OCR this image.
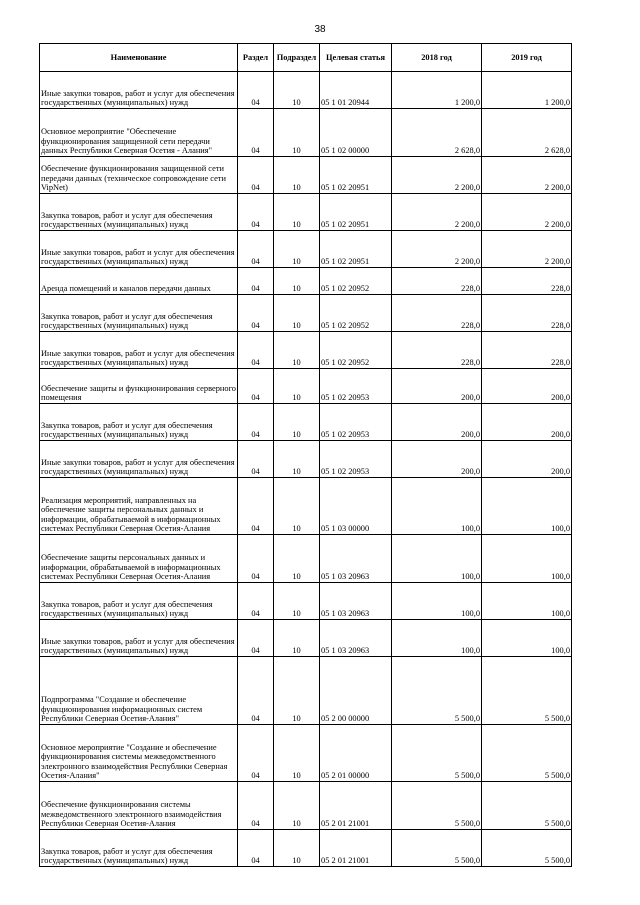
38
Наименование	Раздел	Подраздел	Целевая статья	2018 год	2019 год
Иные закупки товаров, работ и услуг для обеспечения государственных (муниципальных) нужд	04	10	05 1 01 20944	1 200,0	1 200,0
Основное мероприятие "Обеспечение функционирования защищенной сети передачи данных Республики Северная Осетия - Алания"	04	10	05 1 02 00000	2 628,0	2 628,0
Обеспечение функционирования защищенной сети передачи данных (техническое сопровождение сети VipNet)	04	10	05 1 02 20951	2 200,0	2 200,0
Закупка товаров, работ и услуг для обеспечения государственных (муниципальных) нужд	04	10	05 1 02 20951	2 200,0	2 200,0
Иные закупки товаров, работ и услуг для обеспечения государственных (муниципальных) нужд	04	10	05 1 02 20951	2 200,0	2 200,0
Аренда помещений и каналов передачи данных	04	10	05 1 02 20952	228,0	228,0
Закупка товаров, работ и услуг для обеспечения государственных (муниципальных) нужд	04	10	05 1 02 20952	228,0	228,0
Иные закупки товаров, работ и услуг для обеспечения государственных (муниципальных) нужд	04	10	05 1 02 20952	228,0	228,0
Обеспечение защиты и функционирования серверного помещения	04	10	05 1 02 20953	200,0	200,0
Закупка товаров, работ и услуг для обеспечения государственных (муниципальных) нужд	04	10	05 1 02 20953	200,0	200,0
Иные закупки товаров, работ и услуг для обеспечения государственных (муниципальных) нужд	04	10	05 1 02 20953	200,0	200,0
Реализация мероприятий, направленных на обеспечение защиты персональных данных и информации, обрабатываемой в информационных системах Республики Северная Осетия-Алания	04	10	05 1 03 00000	100,0	100,0
Обеспечение защиты персональных данных и информации, обрабатываемой в информационных системах Республики Северная Осетия-Алания	04	10	05 1 03 20963	100,0	100,0
Закупка товаров, работ и услуг для обеспечения государственных (муниципальных) нужд	04	10	05 1 03 20963	100,0	100,0
Иные закупки товаров, работ и услуг для обеспечения государственных (муниципальных) нужд	04	10	05 1 03 20963	100,0	100,0
Подпрограмма "Создание и обеспечение функционирования информационных систем Республики Северная Осетия-Алания"	04	10	05 2 00 00000	5 500,0	5 500,0
Основное мероприятие "Создание и обеспечение функционирования системы межведомственного электронного взаимодействия Республики Северная Осетия-Алания"	04	10	05 2 01 00000	5 500,0	5 500,0
Обеспечение функционирования системы межведомственного электронного взаимодействия Республики Северная Осетия-Алания	04	10	05 2 01 21001	5 500,0	5 500,0
Закупка товаров, работ и услуг для обеспечения государственных (муниципальных) нужд	04	10	05 2 01 21001	5 500,0	5 500,0
